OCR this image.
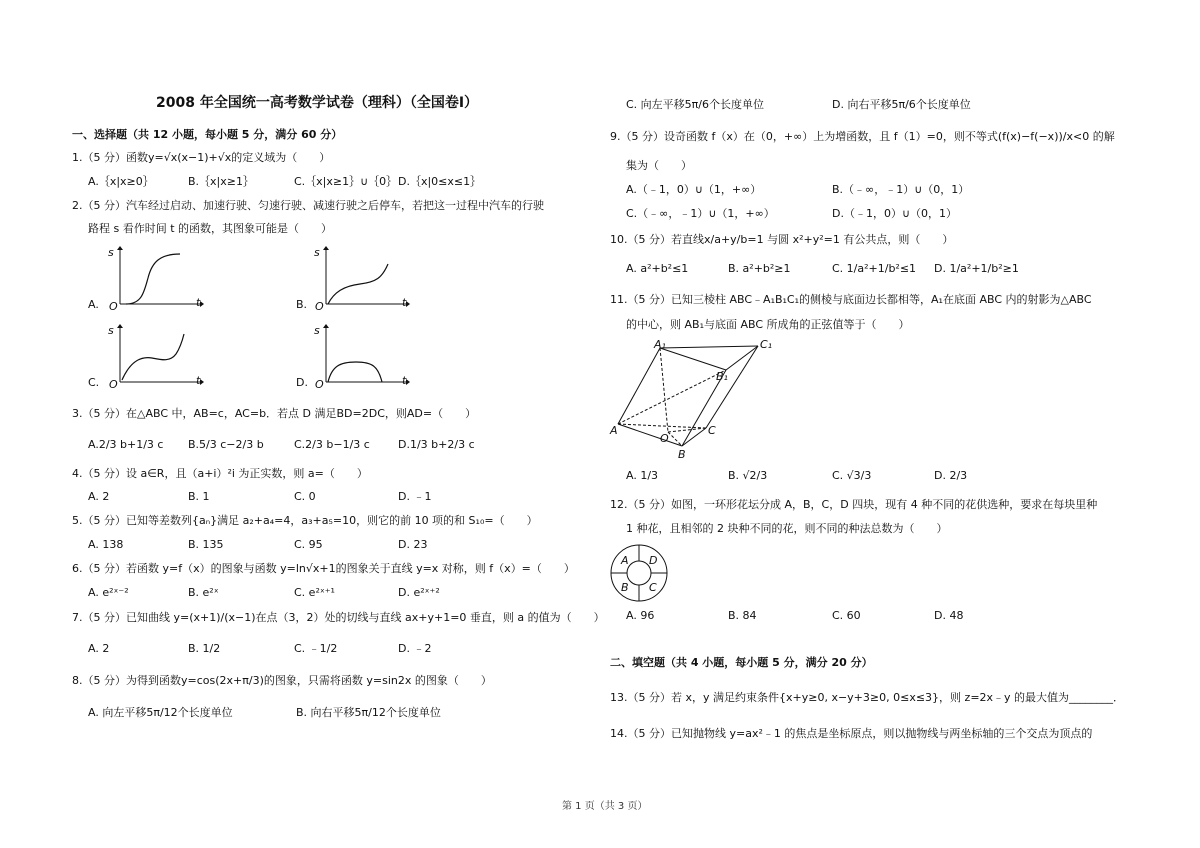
2008 年全国统一高考数学试卷（理科）（全国卷Ⅰ）
一、选择题（共 12 小题，每小题 5 分，满分 60 分）
1.（5 分）函数y=√x(x−1)+√x的定义域为（　　）
A.｛x|x≥0｝	B.｛x|x≥1｝	C.｛x|x≥1｝∪｛0｝ D.｛x|0≤x≤1｝
2.（5 分）汽车经过启动、加速行驶、匀速行驶、减速行驶之后停车，若把这一过程中汽车的行驶
路程 s 看作时间 t 的函数，其图象可能是（　　）
A.
s
t
O	B.
s
t
O
C.
s
t
O	D.
s
t
O
3.（5 分）在△ABC 中，AB=c，AC=b．若点 D 满足BD=2DC，则AD=（　　）
A.2/3 b+1/3 c B.5/3 c−2/3 b	C.2/3 b−1/3 c	D.1/3 b+2/3 c
4.（5 分）设 a∈R，且（a+i）²i 为正实数，则 a=（　　）
A. 2	B. 1	C. 0	D. ﹣1
5.（5 分）已知等差数列{aₙ}满足 a₂+a₄=4，a₃+a₅=10，则它的前 10 项的和 S₁₀=（　　）
A. 138	B. 135	C. 95	D. 23
6.（5 分）若函数 y=f（x）的图象与函数 y=ln√x+1的图象关于直线 y=x 对称，则 f（x）=（　　）
A. e²ˣ⁻²	B. e²ˣ	C. e²ˣ⁺¹	D. e²ˣ⁺²
7.（5 分）已知曲线 y=(x+1)/(x−1)在点（3，2）处的切线与直线 ax+y+1=0 垂直，则 a 的值为（　　）
A. 2	B. 1/2	C. ﹣1/2	D. ﹣2
8.（5 分）为得到函数y=cos(2x+π/3)的图象，只需将函数 y=sin2x 的图象（　　）
A. 向左平移5π/12个长度单位	B. 向右平移5π/12个长度单位
C. 向左平移5π/6个长度单位	D. 向右平移5π/6个长度单位
9.（5 分）设奇函数 f（x）在（0，+∞）上为增函数，且 f（1）=0，则不等式(f(x)−f(−x))/x<0 的解
集为（　　）
A.（﹣1，0）∪（1，+∞）	B.（﹣∞，﹣1）∪（0，1）
C.（﹣∞，﹣1）∪（1，+∞）	D.（﹣1，0）∪（0，1）
10.（5 分）若直线x/a+y/b=1 与圆 x²+y²=1 有公共点，则（　　）
A. a²+b²≤1	B. a²+b²≥1	C. 1/a²+1/b²≤1 D. 1/a²+1/b²≥1
11.（5 分）已知三棱柱 ABC﹣A₁B₁C₁的侧棱与底面边长都相等，A₁在底面 ABC 内的射影为△ABC
的中心，则 AB₁与底面 ABC 所成角的正弦值等于（　　）
A₁	C₁
B₁
A
O
C
B
A. 1/3	B. √2/3	C. √3/3	D. 2/3
12.（5 分）如图，一环形花坛分成 A，B，C，D 四块，现有 4 种不同的花供选种，要求在每块里种
1 种花，且相邻的 2 块种不同的花，则不同的种法总数为（　　）
A D
B C
A. 96	B. 84	C. 60	D. 48
二、填空题（共 4 小题，每小题 5 分，满分 20 分）
13.（5 分）若 x，y 满足约束条件{x+y≥0, x−y+3≥0, 0≤x≤3}，则 z=2x﹣y 的最大值为________．
14.（5 分）已知抛物线 y=ax²﹣1 的焦点是坐标原点，则以抛物线与两坐标轴的三个交点为顶点的
第 1 页（共 3 页）
